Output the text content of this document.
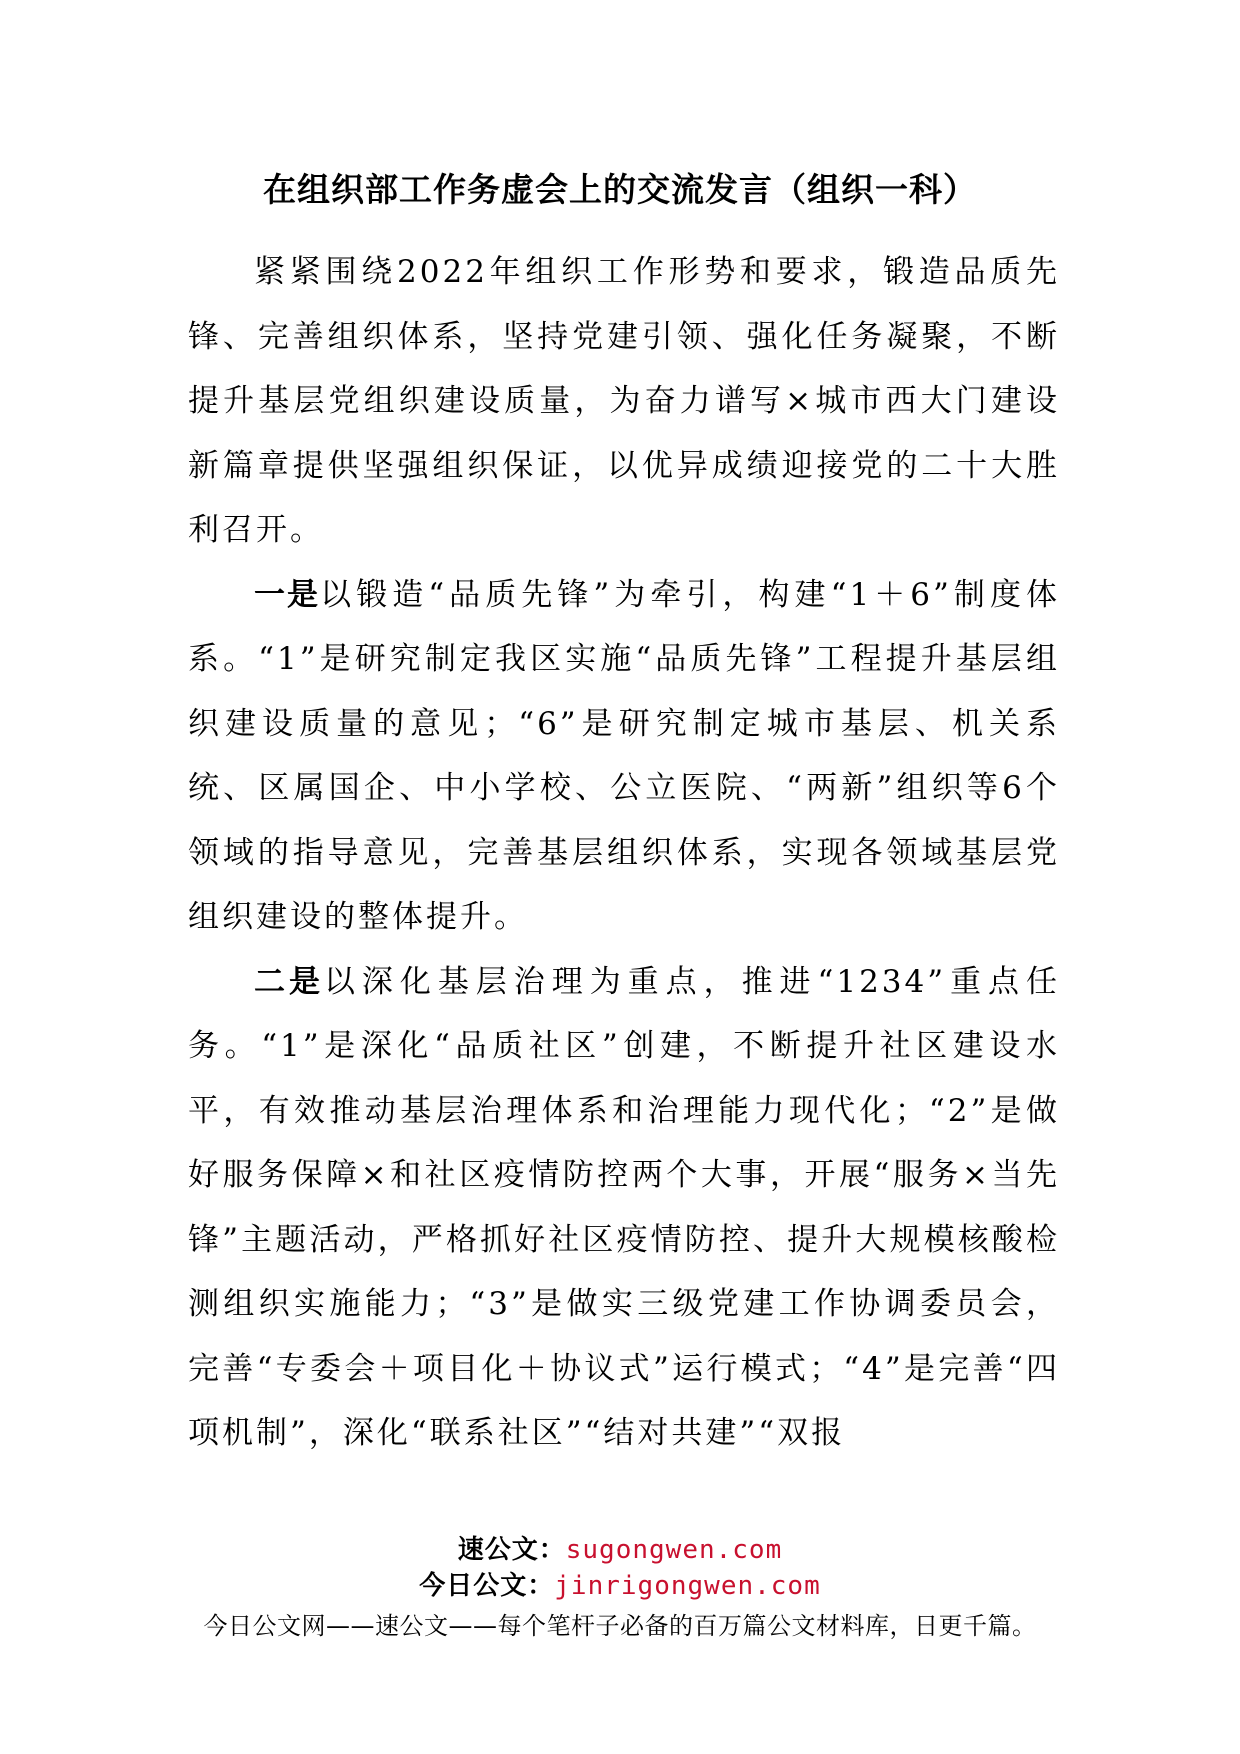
在组织部工作务虚会上的交流发言（组织一科）

紧紧围绕2022年组织工作形势和要求，锻造品质先锋、完善组织体系，坚持党建引领、强化任务凝聚，不断提升基层党组织建设质量，为奋力谱写×城市西大门建设新篇章提供坚强组织保证，以优异成绩迎接党的二十大胜利召开。

一是以锻造“品质先锋”为牵引，构建“1＋6”制度体系。“1”是研究制定我区实施“品质先锋”工程提升基层组织建设质量的意见；“6”是研究制定城市基层、机关系统、区属国企、中小学校、公立医院、“两新”组织等6个领域的指导意见，完善基层组织体系，实现各领域基层党组织建设的整体提升。

二是以深化基层治理为重点，推进“1234”重点任务。“1”是深化“品质社区”创建，不断提升社区建设水平，有效推动基层治理体系和治理能力现代化；“2”是做好服务保障×和社区疫情防控两个大事，开展“服务×当先锋”主题活动，严格抓好社区疫情防控、提升大规模核酸检测组织实施能力；“3”是做实三级党建工作协调委员会，完善“专委会＋项目化＋协议式”运行模式；“4”是完善“四项机制”，深化“联系社区”“结对共建”“双报

速公文：sugongwen.com
今日公文：jinrigongwen.com
今日公文网——速公文——每个笔杆子必备的百万篇公文材料库，日更千篇。
